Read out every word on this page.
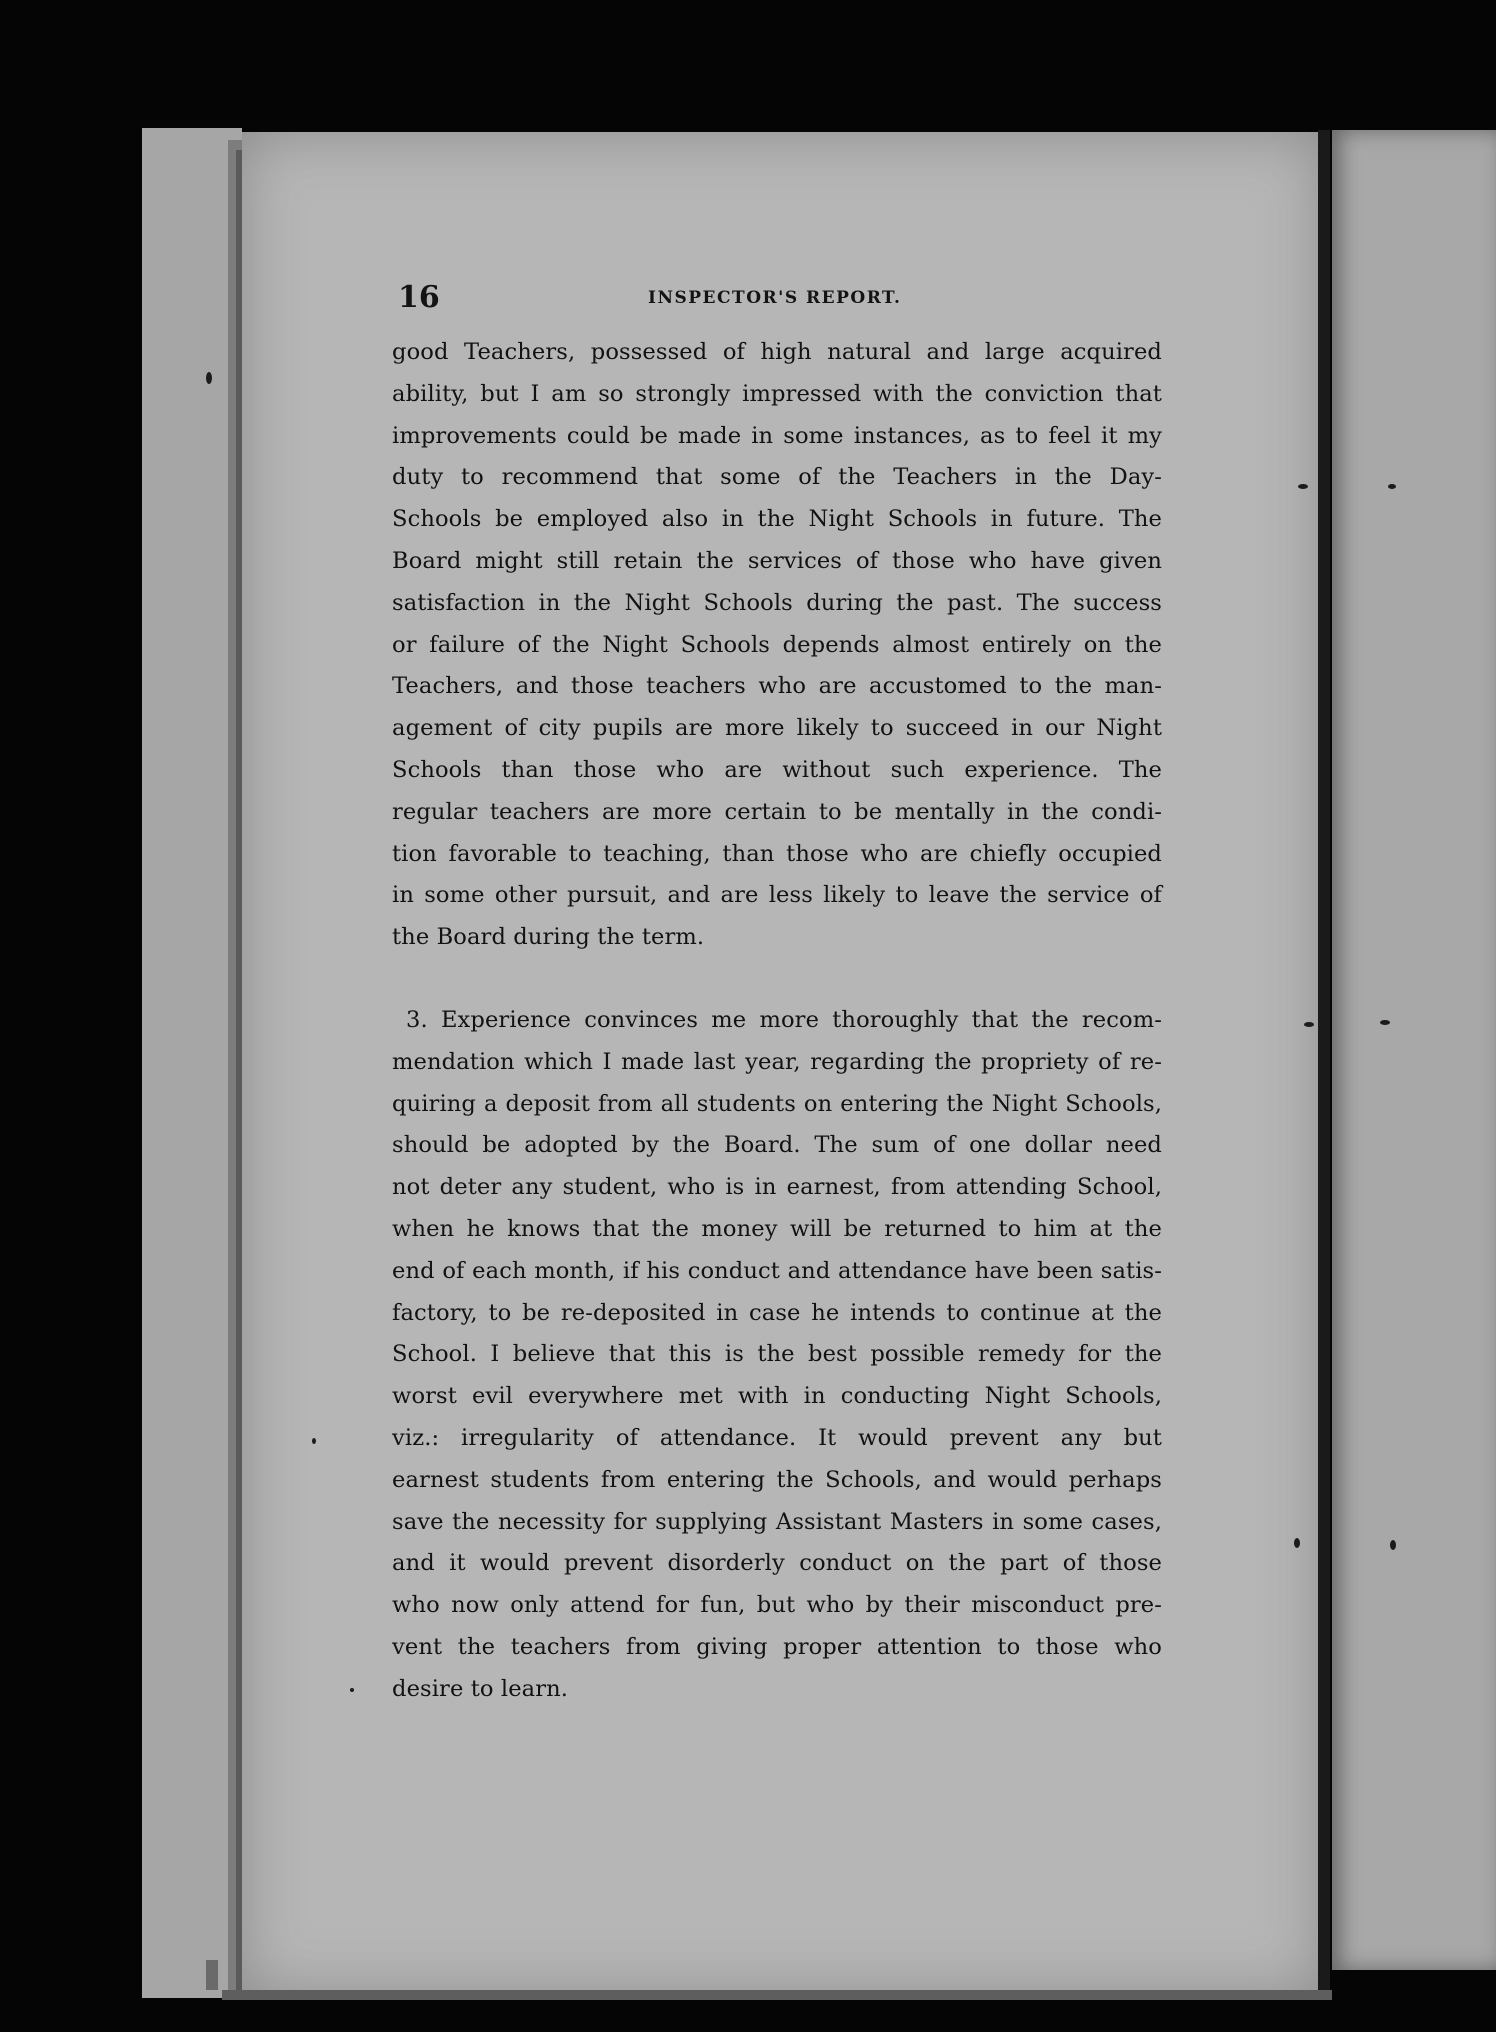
16	INSPECTOR'S REPORT.
good Teachers, possessed of high natural and large acquired
ability, but I am so strongly impressed with the conviction that
improvements could be made in some instances, as to feel it my
duty to recommend that some of the Teachers in the Day-
Schools be employed also in the Night Schools in future. The
Board might still retain the services of those who have given
satisfaction in the Night Schools during the past. The success
or failure of the Night Schools depends almost entirely on the
Teachers, and those teachers who are accustomed to the man-
agement of city pupils are more likely to succeed in our Night
Schools than those who are without such experience. The
regular teachers are more certain to be mentally in the condi-
tion favorable to teaching, than those who are chiefly occupied
in some other pursuit, and are less likely to leave the service of
the Board during the term.
3. Experience convinces me more thoroughly that the recom-
mendation which I made last year, regarding the propriety of re-
quiring a deposit from all students on entering the Night Schools,
should be adopted by the Board. The sum of one dollar need
not deter any student, who is in earnest, from attending School,
when he knows that the money will be returned to him at the
end of each month, if his conduct and attendance have been satis-
factory, to be re-deposited in case he intends to continue at the
School. I believe that this is the best possible remedy for the
worst evil everywhere met with in conducting Night Schools,
viz.: irregularity of attendance. It would prevent any but
earnest students from entering the Schools, and would perhaps
save the necessity for supplying Assistant Masters in some cases,
and it would prevent disorderly conduct on the part of those
who now only attend for fun, but who by their misconduct pre-
vent the teachers from giving proper attention to those who
desire to learn.
